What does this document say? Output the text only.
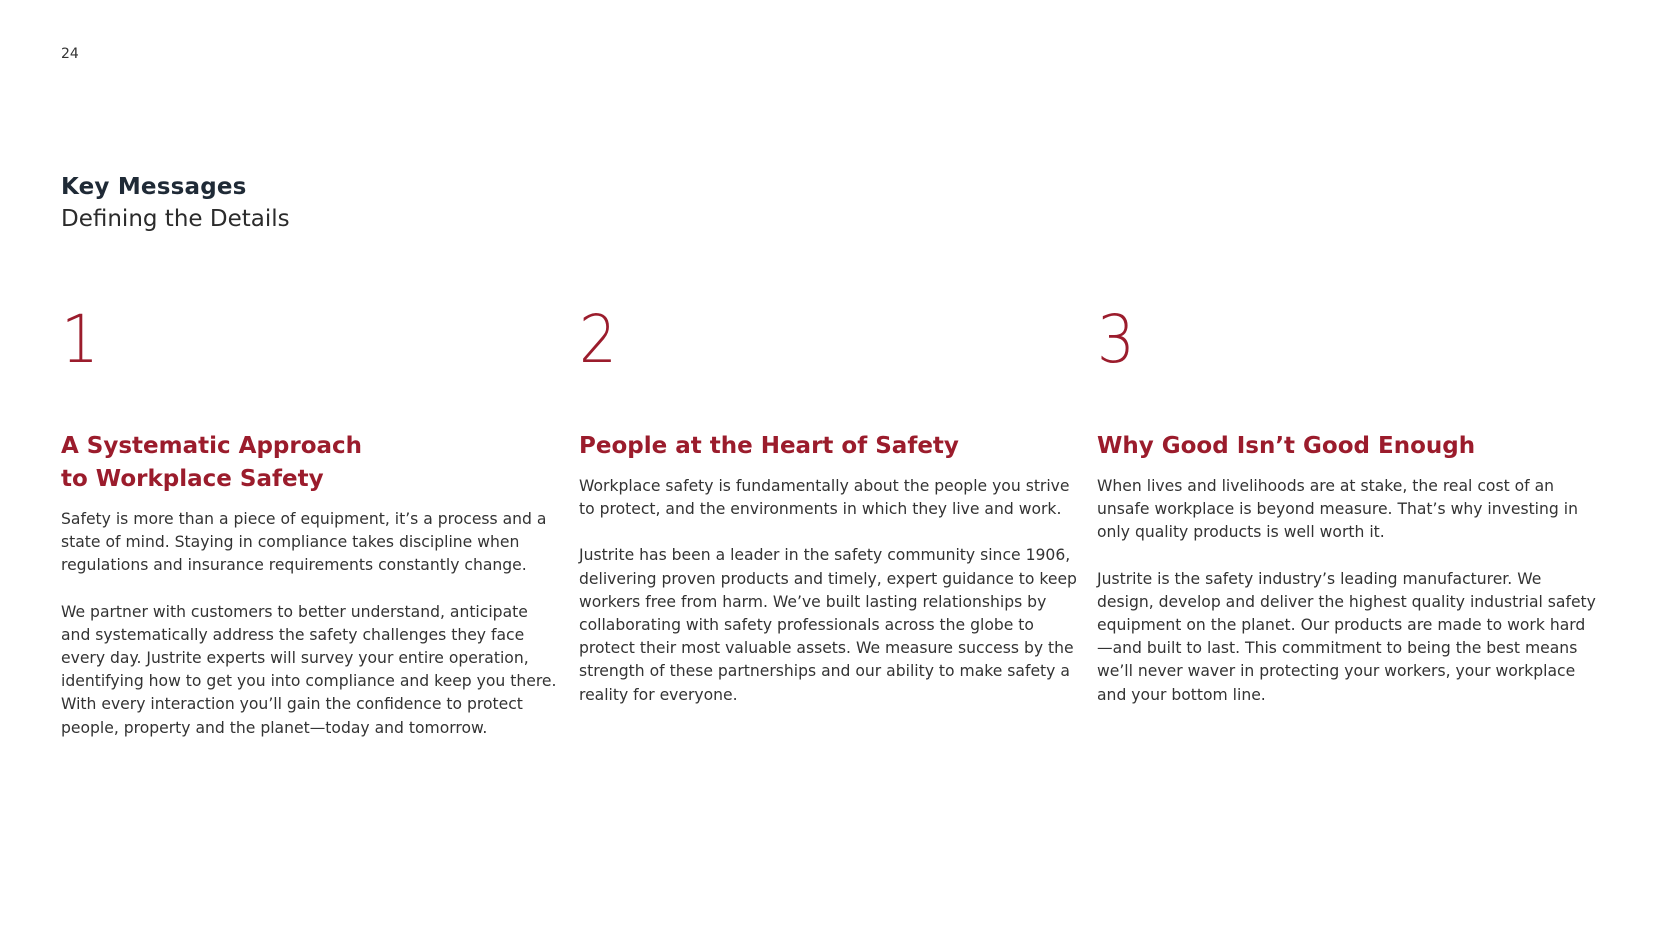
24
Key Messages
Defining the Details
1
A Systematic Approach
to Workplace Safety

Safety is more than a piece of equipment, it’s a process and a state of mind. Staying in compliance takes discipline when regulations and insurance requirements constantly change.

We partner with customers to better understand, anticipate and systematically address the safety challenges they face every day. Justrite experts will survey your entire operation, identifying how to get you into compliance and keep you there. With every interaction you’ll gain the confidence to protect people, property and the planet—today and tomorrow.

2
People at the Heart of Safety

Workplace safety is fundamentally about the people you strive to protect, and the environments in which they live and work.

Justrite has been a leader in the safety community since 1906, delivering proven products and timely, expert guidance to keep workers free from harm. We’ve built lasting relationships by collaborating with safety professionals across the globe to protect their most valuable assets. We measure success by the strength of these partnerships and our ability to make safety a reality for everyone.

3
Why Good Isn’t Good Enough

When lives and livelihoods are at stake, the real cost of an unsafe workplace is beyond measure. That’s why investing in only quality products is well worth it.

Justrite is the safety industry’s leading manufacturer. We design, develop and deliver the highest quality industrial safety equipment on the planet. Our products are made to work hard—and built to last. This commitment to being the best means we’ll never waver in protecting your workers, your workplace and your bottom line.
